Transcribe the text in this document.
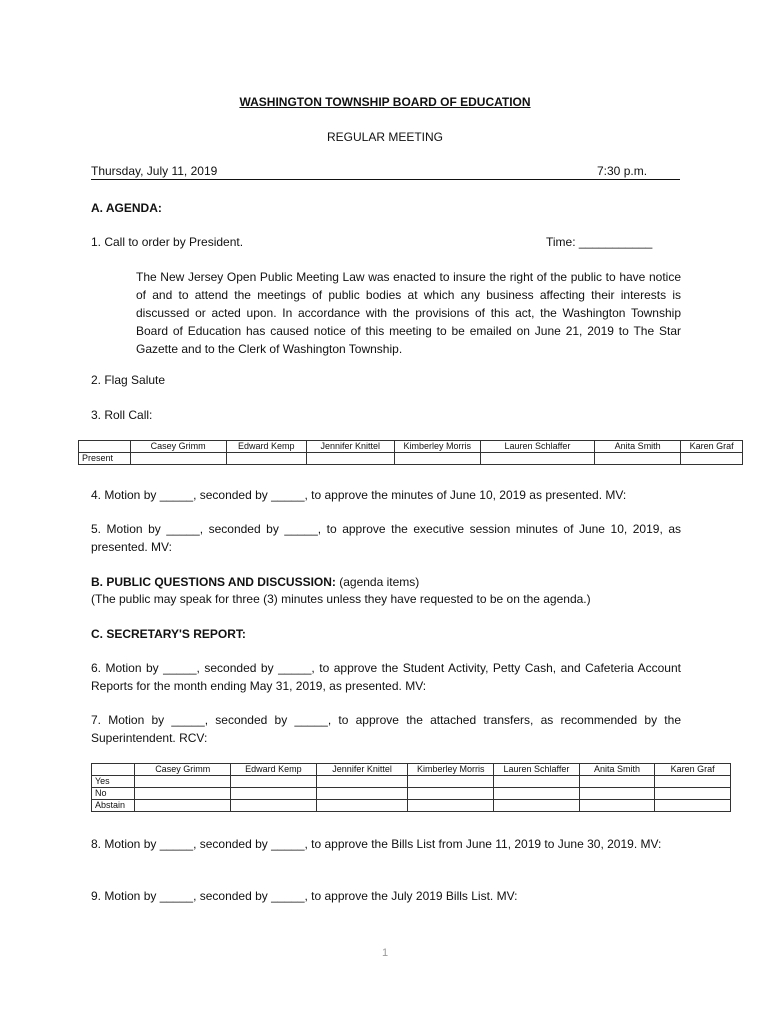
WASHINGTON TOWNSHIP BOARD OF EDUCATION
REGULAR MEETING
Thursday, July 11, 2019	7:30 p.m.
A. AGENDA:
1. Call to order by President.	Time: ___________
The New Jersey Open Public Meeting Law was enacted to insure the right of the public to have notice of and to attend the meetings of public bodies at which any business affecting their interests is discussed or acted upon. In accordance with the provisions of this act, the Washington Township Board of Education has caused notice of this meeting to be emailed on June 21, 2019 to The Star Gazette and to the Clerk of Washington Township.
2. Flag Salute
3. Roll Call:
	Casey Grimm	Edward Kemp	Jennifer Knittel	Kimberley Morris	Lauren Schlaffer	Anita Smith	Karen Graf
Present							
4. Motion by _____, seconded by _____, to approve the minutes of June 10, 2019 as presented. MV:
5. Motion by _____, seconded by _____, to approve the executive session minutes of June 10, 2019, as presented. MV:
B. PUBLIC QUESTIONS AND DISCUSSION: (agenda items)
(The public may speak for three (3) minutes unless they have requested to be on the agenda.)
C. SECRETARY'S REPORT:
6. Motion by _____, seconded by _____, to approve the Student Activity, Petty Cash, and Cafeteria Account Reports for the month ending May 31, 2019, as presented. MV:
7. Motion by _____, seconded by _____, to approve the attached transfers, as recommended by the Superintendent. RCV:
	Casey Grimm	Edward Kemp	Jennifer Knittel	Kimberley Morris	Lauren Schlaffer	Anita Smith	Karen Graf
Yes							
No							
Abstain							
8. Motion by _____, seconded by _____, to approve the Bills List from June 11, 2019 to June 30, 2019. MV:
9. Motion by _____, seconded by _____, to approve the July 2019 Bills List. MV:
1
